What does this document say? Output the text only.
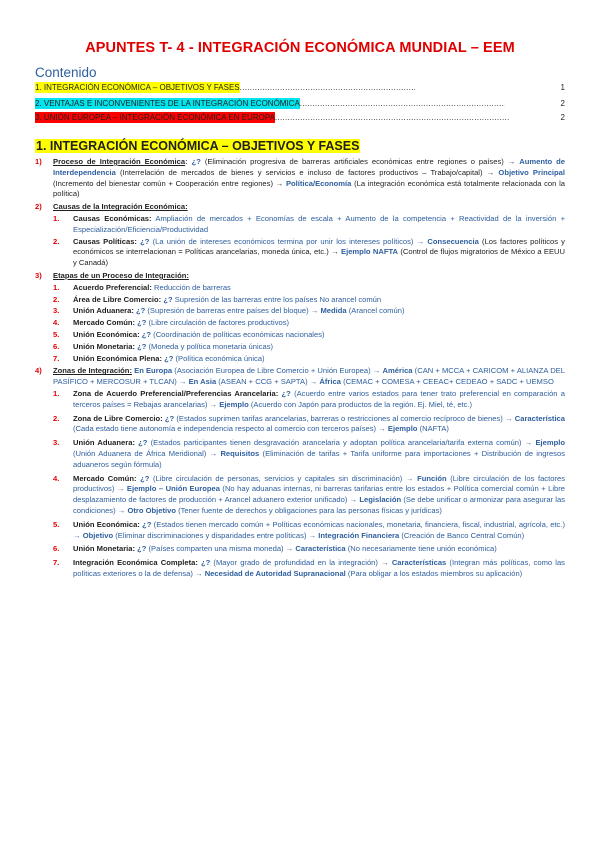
APUNTES T- 4 - INTEGRACIÓN ECONÓMICA MUNDIAL – EEM
Contenido
1. INTEGRACIÓN ECONÓMICA – OBJETIVOS Y FASES .....	1
2. VENTAJAS E INCONVENIENTES DE LA INTEGRACIÓN ECONÓMICA .....	2
3. UNIÓN EUROPEA – INTEGRACIÓN ECONÓMICA EN EUROPA .....	2
1. INTEGRACIÓN ECONÓMICA – OBJETIVOS Y FASES
1) Proceso de Integración Económica: ¿? (Eliminación progresiva de barreras artificiales económicas entre regiones o países) → Aumento de Interdependencia (Interrelación de mercados de bienes y servicios e incluso de factores productivos – Trabajo/capital) → Objetivo Principal (Incremento del bienestar común + Cooperación entre regiones) → Política/Economía (La integración económica está totalmente relacionada con la política)
2) Causas de la Integración Económica:
1. Causas Económicas: Ampliación de mercados + Economías de escala + Aumento de la competencia + Reactividad de la inversión + Especialización/Eficiencia/Productividad
2. Causas Políticas: ¿? (La unión de intereses económicos termina por unir los intereses políticos) → Consecuencia (Los factores políticos y económicos se interrelacionan = Políticas arancelarias, moneda única, etc.) → Ejemplo NAFTA (Control de flujos migratorios de México a EEUU y Canadá)
3) Etapas de un Proceso de Integración:
1. Acuerdo Preferencial: Reducción de barreras
2. Área de Libre Comercio: ¿? Supresión de las barreras entre los países No arancel común
3. Unión Aduanera: ¿? (Supresión de barreras entre países del bloque) → Medida (Arancel común)
4. Mercado Común: ¿? (Libre circulación de factores productivos)
5. Unión Económica: ¿? (Coordinación de políticas económicas nacionales)
6. Unión Monetaria: ¿? (Moneda y política monetaria únicas)
7. Unión Económica Plena: ¿? (Política económica única)
4) Zonas de Integración: En Europa (Asociación Europea de Libre Comercio + Unión Europea) → América (CAN + MCCA + CARICOM + ALIANZA DEL PASÍFICO + MERCOSUR + TLCAN) → En Asia (ASEAN + CCG + SAPTA) → África (CEMAC + COMESA + CEEAC+ CEDEAO + SADC + UEMSO
1. Zona de Acuerdo Preferencial/Preferencias Arancelaria: ¿? (Acuerdo entre varios estados para tener trato preferencial en comparación a terceros países = Rebajas arancelarias) → Ejemplo (Acuerdo con Japón para productos de la región. Ej. Miel, té, etc.)
2. Zona de Libre Comercio: ¿? (Estados suprimen tarifas arancelarias, barreras o restricciones al comercio recíproco de bienes) → Característica (Cada estado tiene autonomía e independencia respecto al comercio con terceros países) → Ejemplo (NAFTA)
3. Unión Aduanera: ¿? (Estados participantes tienen desgravación arancelaria y adoptan política arancelaria/tarifa externa común) → Ejemplo (Unión Aduanera de África Meridional) → Requisitos (Eliminación de tarifas + Tarifa uniforme para importaciones + Distribución de ingresos aduaneros según fórmula)
4. Mercado Común: ¿? (Libre circulación de personas, servicios y capitales sin discriminación) → Función (Libre circulación de los factores productivos) → Ejemplo – Unión Europea (No hay aduanas internas, ni barreras tarifarias entre los estados + Política comercial común + Libre desplazamiento de factores de producción + Arancel aduanero exterior unificado) → Legislación (Se debe unificar o armonizar para asegurar las condiciones) → Otro Objetivo (Tener fuente de derechos y obligaciones para las personas físicas y jurídicas)
5. Unión Económica: ¿? (Estados tienen mercado común + Políticas económicas nacionales, monetaria, financiera, fiscal, industrial, agrícola, etc.) → Objetivo (Eliminar discriminaciones y disparidades entre políticas) → Integración Financiera (Creación de Banco Central Común)
6. Unión Monetaria: ¿? (Países comparten una misma moneda) → Característica (No necesariamente tiene unión económica)
7. Integración Económica Completa: ¿? (Mayor grado de profundidad en la integración) → Características (Integran más políticas, como las políticas exteriores o la de defensa) → Necesidad de Autoridad Supranacional (Para obligar a los estados miembros su aplicación)
